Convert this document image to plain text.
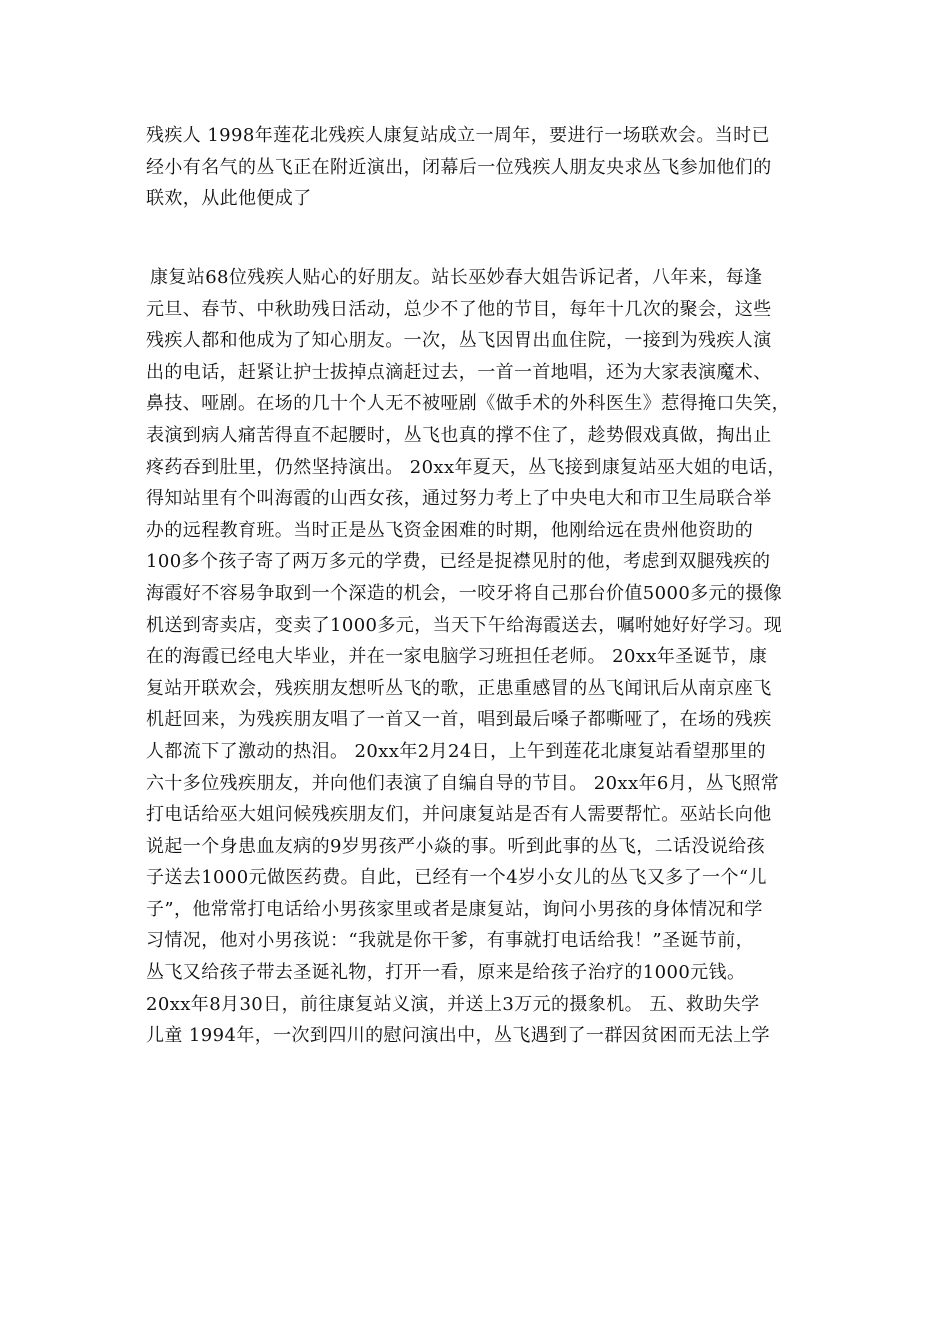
残疾人 1998年莲花北残疾人康复站成立一周年，要进行一场联欢会。当时已
经小有名气的丛飞正在附近演出，闭幕后一位残疾人朋友央求丛飞参加他们的
联欢，从此他便成了
康复站68位残疾人贴心的好朋友。站长巫妙春大姐告诉记者，八年来，每逢
元旦、春节、中秋助残日活动，总少不了他的节目，每年十几次的聚会，这些
残疾人都和他成为了知心朋友。一次，丛飞因胃出血住院，一接到为残疾人演
出的电话，赶紧让护士拔掉点滴赶过去，一首一首地唱，还为大家表演魔术、
鼻技、哑剧。在场的几十个人无不被哑剧《做手术的外科医生》惹得掩口失笑，
表演到病人痛苦得直不起腰时，丛飞也真的撑不住了，趁势假戏真做，掏出止
疼药吞到肚里，仍然坚持演出。 20xx年夏天，丛飞接到康复站巫大姐的电话，
得知站里有个叫海霞的山西女孩，通过努力考上了中央电大和市卫生局联合举
办的远程教育班。当时正是丛飞资金困难的时期，他刚给远在贵州他资助的
100多个孩子寄了两万多元的学费，已经是捉襟见肘的他，考虑到双腿残疾的
海霞好不容易争取到一个深造的机会，一咬牙将自己那台价值5000多元的摄像
机送到寄卖店，变卖了1000多元，当天下午给海霞送去，嘱咐她好好学习。现
在的海霞已经电大毕业，并在一家电脑学习班担任老师。 20xx年圣诞节，康
复站开联欢会，残疾朋友想听丛飞的歌，正患重感冒的丛飞闻讯后从南京座飞
机赶回来，为残疾朋友唱了一首又一首，唱到最后嗓子都嘶哑了，在场的残疾
人都流下了激动的热泪。 20xx年2月24日，上午到莲花北康复站看望那里的
六十多位残疾朋友，并向他们表演了自编自导的节目。 20xx年6月，丛飞照常
打电话给巫大姐问候残疾朋友们，并问康复站是否有人需要帮忙。巫站长向他
说起一个身患血友病的9岁男孩严小焱的事。听到此事的丛飞，二话没说给孩
子送去1000元做医药费。自此，已经有一个4岁小女儿的丛飞又多了一个“儿
子”，他常常打电话给小男孩家里或者是康复站，询问小男孩的身体情况和学
习情况，他对小男孩说：“我就是你干爹，有事就打电话给我！”圣诞节前，
丛飞又给孩子带去圣诞礼物，打开一看，原来是给孩子治疗的1000元钱。
20xx年8月30日，前往康复站义演，并送上3万元的摄象机。 五、救助失学
儿童 1994年，一次到四川的慰问演出中，丛飞遇到了一群因贫困而无法上学
